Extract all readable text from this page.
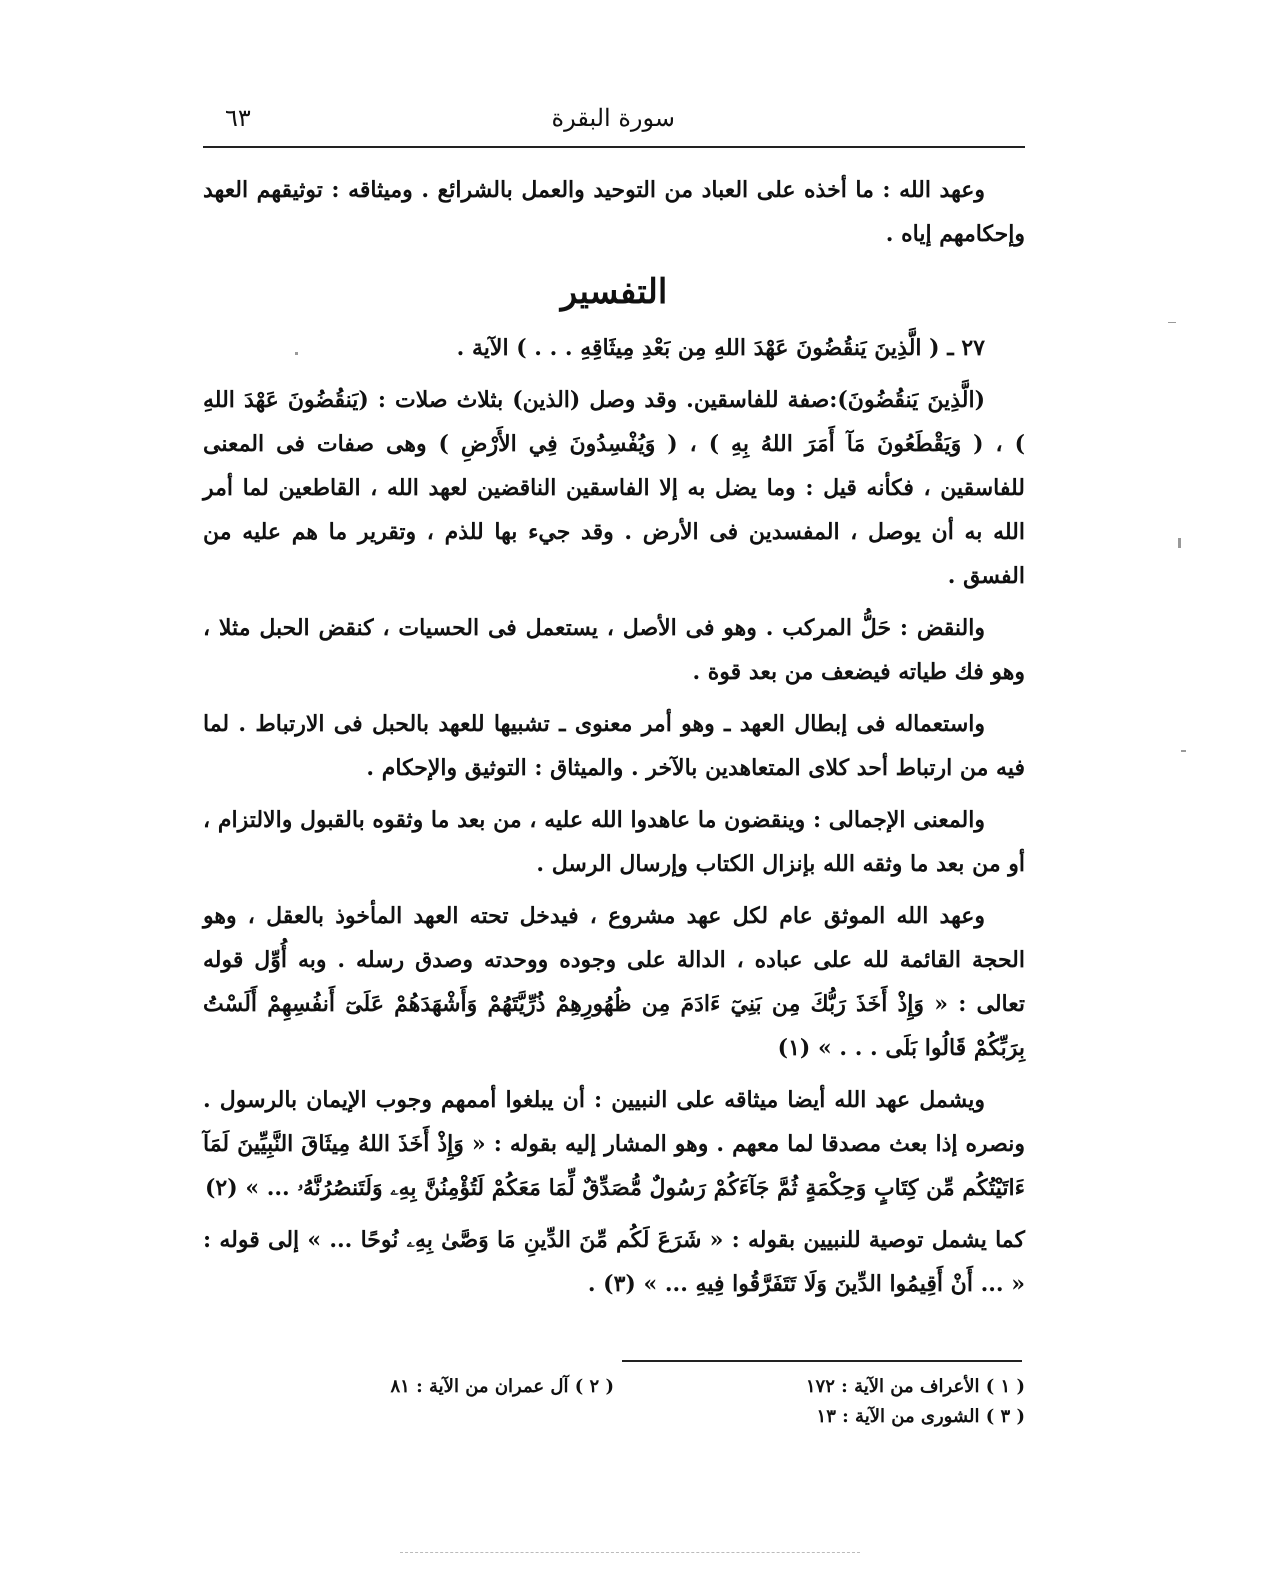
سورة البقرة
٦٣

وعهد الله : ما أخذه على العباد من التوحيد والعمل بالشرائع . وميثاقه : توثيقهم العهد وإحكامهم إياه .

التفسير

٢٧ ـ ( الَّذِينَ يَنقُضُونَ عَهْدَ اللهِ مِن بَعْدِ مِيثَاقِهِ . . . ) الآية .

(الَّذِينَ يَنقُضُونَ):صفة للفاسقين. وقد وصل (الذين) بثلاث صلات : (يَنقُضُونَ عَهْدَ اللهِ ) ، ( وَيَقْطَعُونَ مَآ أَمَرَ اللهُ بِهِ ) ، ( وَيُفْسِدُونَ فِي الأَرْضِ ) وهى صفات فى المعنى للفاسقين ، فكأنه قيل : وما يضل به إلا الفاسقين الناقضين لعهد الله ، القاطعين لما أمر الله به أن يوصل ، المفسدين فى الأرض . وقد جيء بها للذم ، وتقرير ما هم عليه من الفسق .

والنقض : حَلُّ المركب . وهو فى الأصل ، يستعمل فى الحسيات ، كنقض الحبل مثلا ، وهو فك طياته فيضعف من بعد قوة .

واستعماله فى إبطال العهد ـ وهو أمر معنوى ـ تشبيها للعهد بالحبل فى الارتباط . لما فيه من ارتباط أحد كلاى المتعاهدين بالآخر . والميثاق : التوثيق والإحكام .

والمعنى الإجمالى : وينقضون ما عاهدوا الله عليه ، من بعد ما وثقوه بالقبول والالتزام ، أو من بعد ما وثقه الله بإنزال الكتاب وإرسال الرسل .

وعهد الله الموثق عام لكل عهد مشروع ، فيدخل تحته العهد المأخوذ بالعقل ، وهو الحجة القائمة لله على عباده ، الدالة على وجوده ووحدته وصدق رسله . وبه أُوِّل قوله تعالى : « وَإِذْ أَخَذَ رَبُّكَ مِن بَنِيٓ ءَادَمَ مِن ظُهُورِهِمْ ذُرِّيَّتَهُمْ وَأَشْهَدَهُمْ عَلَىٓ أَنفُسِهِمْ أَلَسْتُ بِرَبِّكُمْ قَالُوا بَلَى . . . » (١)

ويشمل عهد الله أيضا ميثاقه على النبيين : أن يبلغوا أممهم وجوب الإيمان بالرسول . ونصره إذا بعث مصدقا لما معهم . وهو المشار إليه بقوله : « وَإِذْ أَخَذَ اللهُ مِيثَاقَ النَّبِيِّينَ لَمَآ ءَاتَيْتُكُم مِّن كِتَابٍ وَحِكْمَةٍ ثُمَّ جَآءَكُمْ رَسُولٌ مُّصَدِّقٌ لِّمَا مَعَكُمْ لَتُؤْمِنُنَّ بِهِۦ وَلَتَنصُرُنَّهُۥ ... » (٢)

كما يشمل توصية للنبيين بقوله : « شَرَعَ لَكُم مِّنَ الدِّينِ مَا وَصَّىٰ بِهِۦ نُوحًا ... » إلى قوله : « ... أَنْ أَقِيمُوا الدِّينَ وَلَا تَتَفَرَّقُوا فِيهِ ... » (٣) .

( ١ ) الأعراف من الآية : ١٧٢
( ٢ ) آل عمران من الآية : ٨١
( ٣ ) الشورى من الآية : ١٣
